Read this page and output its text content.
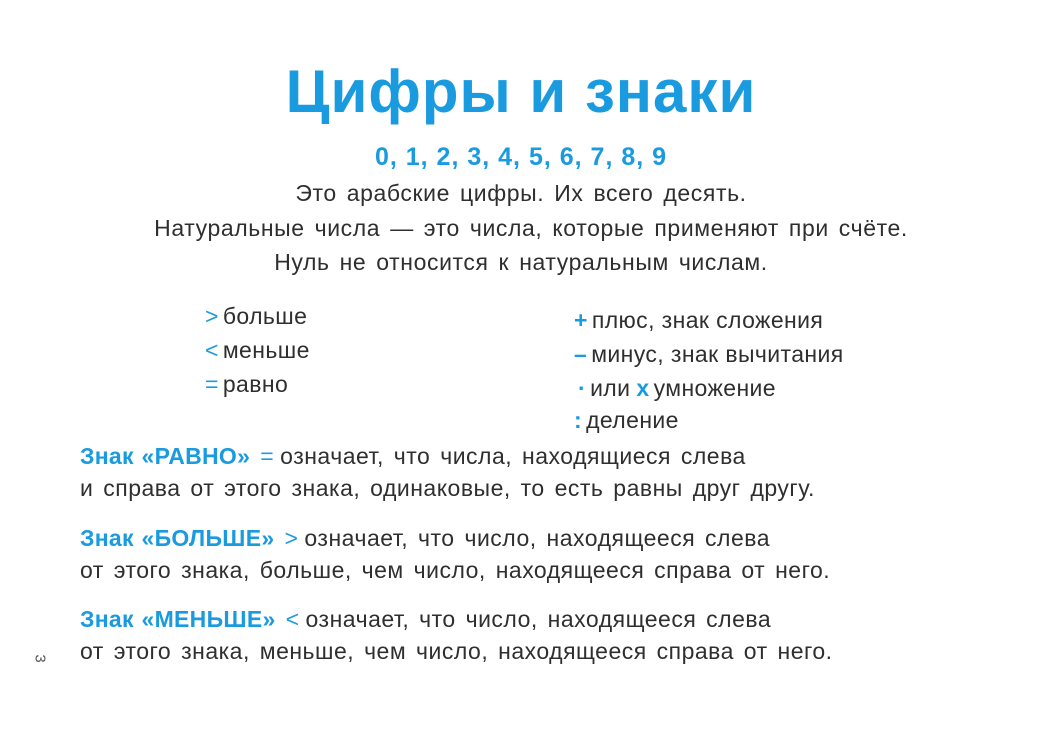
Цифры и знаки
0, 1, 2, 3, 4, 5, 6, 7, 8, 9
Это арабские цифры. Их всего десять.
Натуральные числа — это числа, которые применяют при счёте.
Нуль не относится к натуральным числам.
> больше
< меньше
= равно
+ плюс, знак сложения
– минус, знак вычитания
· или х умножение
: деление
Знак «РАВНО» = означает, что числа, находящиеся слева
и справа от этого знака, одинаковые, то есть равны друг другу.
Знак «БОЛЬШЕ» > означает, что число, находящееся слева
от этого знака, больше, чем число, находящееся справа от него.
Знак «МЕНЬШЕ» < означает, что число, находящееся слева
от этого знака, меньше, чем число, находящееся справа от него.
3
